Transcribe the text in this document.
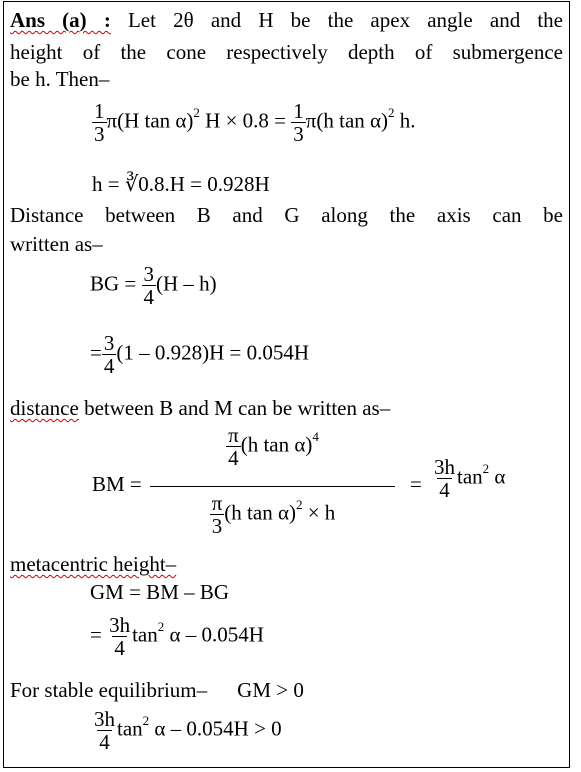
Ans (a) : Let 2θ and H be the apex angle and the
height of the cone respectively depth of submergence
be h. Then–
$\frac{1}{3} \pi(H$ tan α)$^2$ $H \times 0.8 = \frac{1}{3} \pi(h$ tan α)$^2$ h.
h = ∛0.8.H = 0.928H
Distance between B and G along the axis can be
written as–
BG = $\frac{3}{4} (H - h)$
= $\frac{3}{4} (1 - 0.928)H = 0.054H$
distance between B and M can be written as–
BM =
$\frac{\pi}{4} (h$ tan α)$^4$
$\frac{\pi}{3} (h$ tan α)$^2$ × h
= $\frac{3h}{4} \tan^2 \alpha$
metacentric height–
GM = BM – BG
= $\frac{3h}{4} \tan^2 \alpha - 0.054H$
For stable equilibrium– GM > 0
$\frac{3h}{4} \tan^2 \alpha - 0.054H > 0$
